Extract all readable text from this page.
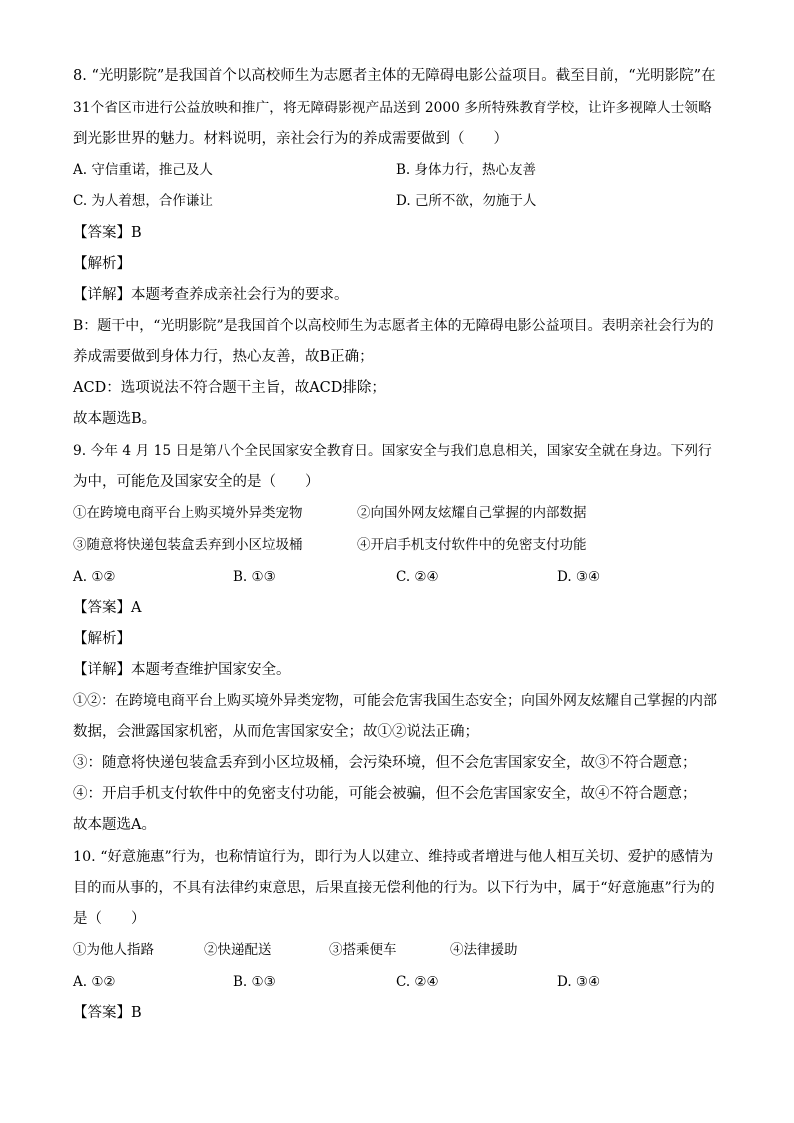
8. “光明影院”是我国首个以高校师生为志愿者主体的无障碍电影公益项目。截至目前，“光明影院”在
31个省区市进行公益放映和推广，将无障碍影视产品送到 2000 多所特殊教育学校，让许多视障人士领略
到光影世界的魅力。材料说明，亲社会行为的养成需要做到（　　）
A. 守信重诺，推己及人	B. 身体力行，热心友善
C. 为人着想，合作谦让	D. 己所不欲，勿施于人
【答案】B
【解析】
【详解】本题考查养成亲社会行为的要求。
B：题干中，“光明影院”是我国首个以高校师生为志愿者主体的无障碍电影公益项目。表明亲社会行为的
养成需要做到身体力行，热心友善，故B正确；
ACD：选项说法不符合题干主旨，故ACD排除；
故本题选B。
9. 今年 4 月 15 日是第八个全民国家安全教育日。国家安全与我们息息相关，国家安全就在身边。下列行
为中，可能危及国家安全的是（　　）
①在跨境电商平台上购买境外异类宠物	②向国外网友炫耀自己掌握的内部数据
③随意将快递包装盒丢弃到小区垃圾桶	④开启手机支付软件中的免密支付功能
A. ①②	B. ①③	C. ②④	D. ③④
【答案】A
【解析】
【详解】本题考查维护国家安全。
①②：在跨境电商平台上购买境外异类宠物，可能会危害我国生态安全；向国外网友炫耀自己掌握的内部
数据，会泄露国家机密，从而危害国家安全；故①②说法正确；
③：随意将快递包装盒丢弃到小区垃圾桶，会污染环境，但不会危害国家安全，故③不符合题意；
④：开启手机支付软件中的免密支付功能，可能会被骗，但不会危害国家安全，故④不符合题意；
故本题选A。
10. “好意施惠”行为，也称情谊行为，即行为人以建立、维持或者增进与他人相互关切、爱护的感情为
目的而从事的，不具有法律约束意思，后果直接无偿利他的行为。以下行为中，属于“好意施惠”行为的
是（　　）
①为他人指路	②快递配送	③搭乘便车	④法律援助
A. ①②	B. ①③	C. ②④	D. ③④
【答案】B
